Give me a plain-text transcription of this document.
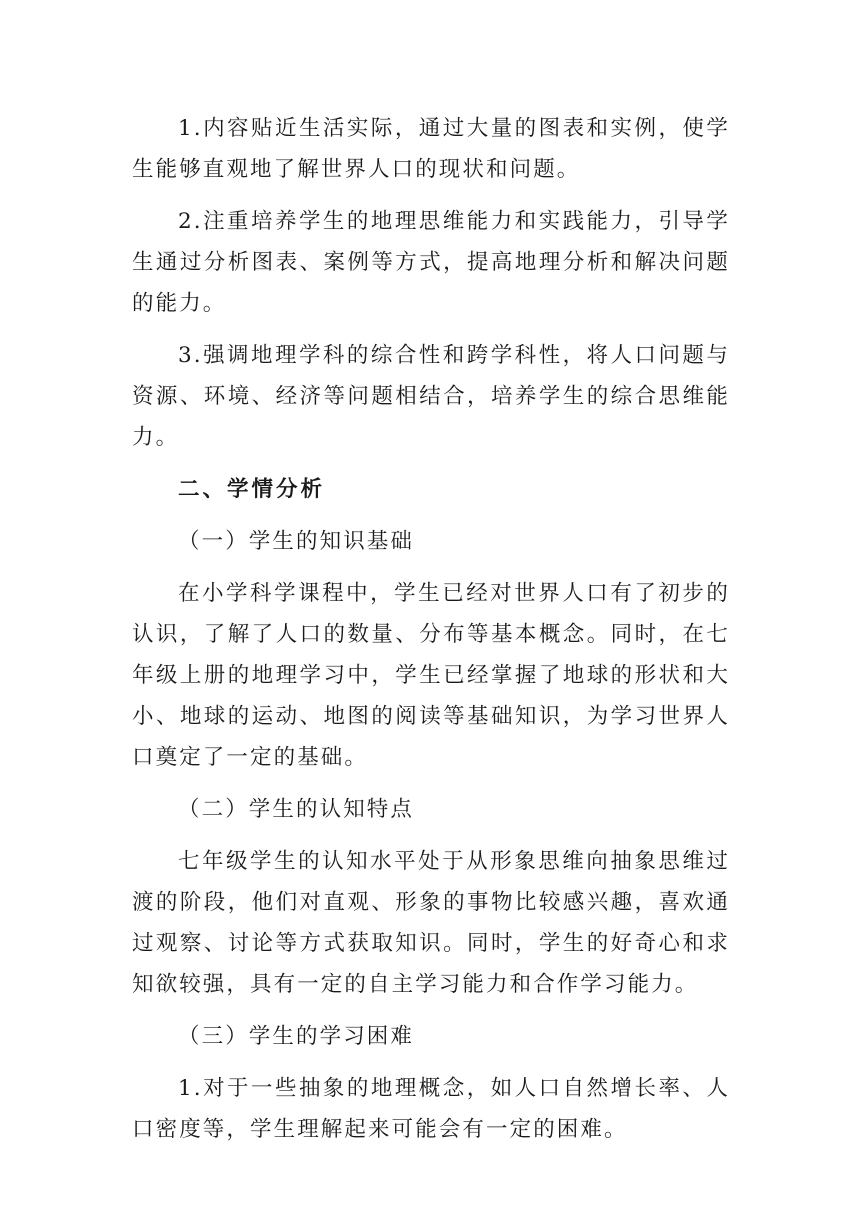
1.内容贴近生活实际，通过大量的图表和实例，使学生能够直观地了解世界人口的现状和问题。

2.注重培养学生的地理思维能力和实践能力，引导学生通过分析图表、案例等方式，提高地理分析和解决问题的能力。

3.强调地理学科的综合性和跨学科性，将人口问题与资源、环境、经济等问题相结合，培养学生的综合思维能力。

二、学情分析

（一）学生的知识基础

在小学科学课程中，学生已经对世界人口有了初步的认识，了解了人口的数量、分布等基本概念。同时，在七年级上册的地理学习中，学生已经掌握了地球的形状和大小、地球的运动、地图的阅读等基础知识，为学习世界人口奠定了一定的基础。

（二）学生的认知特点

七年级学生的认知水平处于从形象思维向抽象思维过渡的阶段，他们对直观、形象的事物比较感兴趣，喜欢通过观察、讨论等方式获取知识。同时，学生的好奇心和求知欲较强，具有一定的自主学习能力和合作学习能力。

（三）学生的学习困难

1.对于一些抽象的地理概念，如人口自然增长率、人口密度等，学生理解起来可能会有一定的困难。
